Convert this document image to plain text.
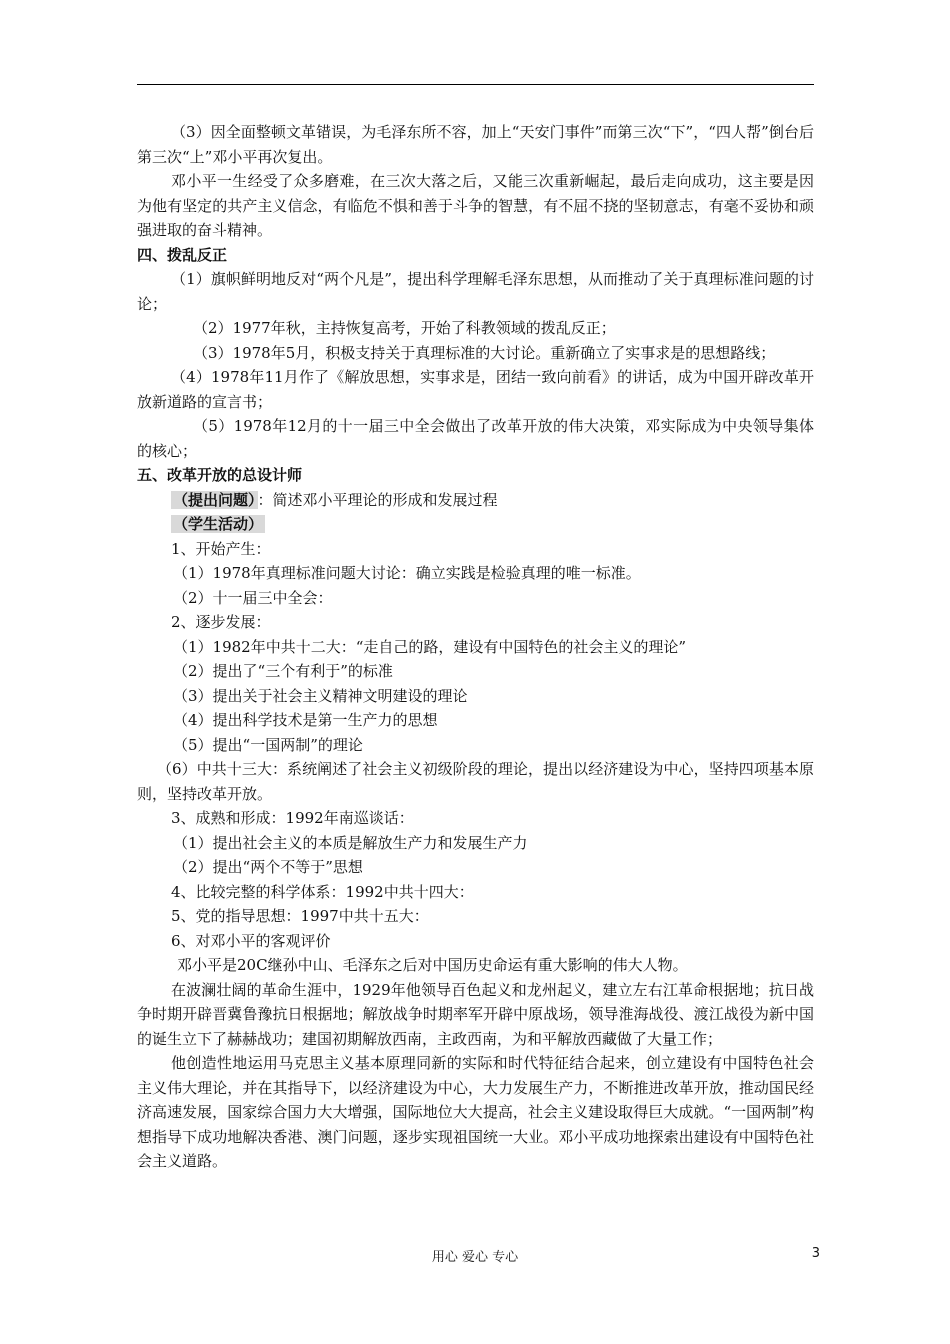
（3）因全面整顿文革错误，为毛泽东所不容，加上“天安门事件”而第三次“下”，“四人帮”倒台后第三次“上”邓小平再次复出。

邓小平一生经受了众多磨难，在三次大落之后，又能三次重新崛起，最后走向成功，这主要是因为他有坚定的共产主义信念，有临危不惧和善于斗争的智慧，有不屈不挠的坚韧意志，有毫不妥协和顽强进取的奋斗精神。

四、拨乱反正

（1）旗帜鲜明地反对“两个凡是”，提出科学理解毛泽东思想，从而推动了关于真理标准问题的讨论；

（2）1977年秋，主持恢复高考，开始了科教领域的拨乱反正；

（3）1978年5月，积极支持关于真理标准的大讨论。重新确立了实事求是的思想路线；

（4）1978年11月作了《解放思想，实事求是，团结一致向前看》的讲话，成为中国开辟改革开放新道路的宣言书；

（5）1978年12月的十一届三中全会做出了改革开放的伟大决策，邓实际成为中央领导集体的核心；

五、改革开放的总设计师

（提出问题） ：简述邓小平理论的形成和发展过程

（学生活动）

1、开始产生：

（1）1978年真理标准问题大讨论：确立实践是检验真理的唯一标准。

（2）十一届三中全会：

2、逐步发展：

（1）1982年中共十二大：“走自己的路，建设有中国特色的社会主义的理论”

（2）提出了“三个有利于”的标准

（3）提出关于社会主义精神文明建设的理论

（4）提出科学技术是第一生产力的思想

（5）提出“一国两制”的理论

（6）中共十三大：系统阐述了社会主义初级阶段的理论，提出以经济建设为中心，坚持四项基本原则，坚持改革开放。

3、成熟和形成：1992年南巡谈话：

（1）提出社会主义的本质是解放生产力和发展生产力

（2）提出“两个不等于”思想

4、比较完整的科学体系：1992中共十四大：

5、党的指导思想：1997中共十五大：

6、对邓小平的客观评价

邓小平是20C继孙中山、毛泽东之后对中国历史命运有重大影响的伟大人物。

在波澜壮阔的革命生涯中，1929年他领导百色起义和龙州起义，建立左右江革命根据地；抗日战争时期开辟晋冀鲁豫抗日根据地；解放战争时期率军开辟中原战场，领导淮海战役、渡江战役为新中国的诞生立下了赫赫战功；建国初期解放西南，主政西南，为和平解放西藏做了大量工作；

他创造性地运用马克思主义基本原理同新的实际和时代特征结合起来，创立建设有中国特色社会主义伟大理论，并在其指导下，以经济建设为中心，大力发展生产力，不断推进改革开放，推动国民经济高速发展，国家综合国力大大增强，国际地位大大提高，社会主义建设取得巨大成就。“一国两制”构想指导下成功地解决香港、澳门问题，逐步实现祖国统一大业。邓小平成功地探索出建设有中国特色社会主义道路。

用心 爱心 专心	3
